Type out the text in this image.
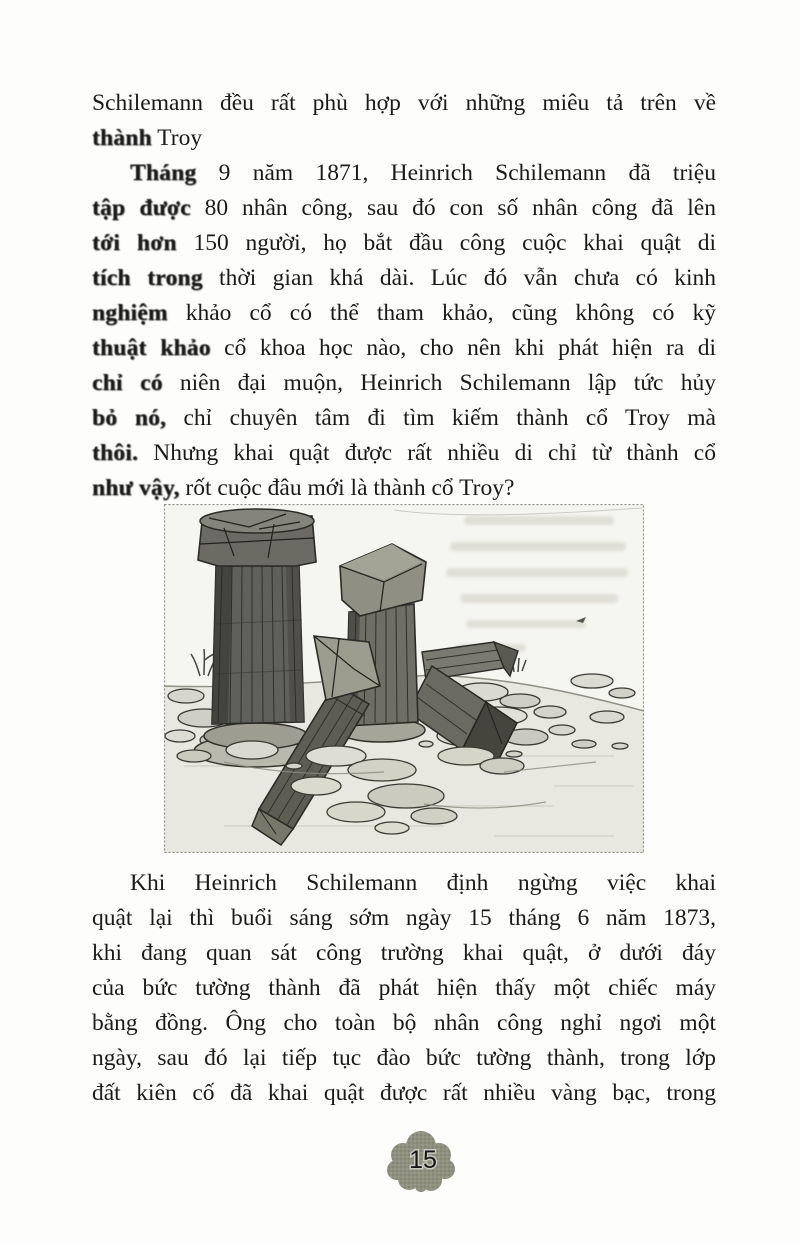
Schilemann đều rất phù hợp với những miêu tả trên về
thành Troy
Tháng 9 năm 1871, Heinrich Schilemann đã triệu
tập được 80 nhân công, sau đó con số nhân công đã lên
tới hơn 150 người, họ bắt đầu công cuộc khai quật di
tích trong thời gian khá dài. Lúc đó vẫn chưa có kinh
nghiệm khảo cổ có thể tham khảo, cũng không có kỹ
thuật khảo cổ khoa học nào, cho nên khi phát hiện ra di
chỉ có niên đại muộn, Heinrich Schilemann lập tức hủy
bỏ nó, chỉ chuyên tâm đi tìm kiếm thành cổ Troy mà
thôi. Nhưng khai quật được rất nhiều di chỉ từ thành cổ
như vậy, rốt cuộc đâu mới là thành cổ Troy?
Khi Heinrich Schilemann định ngừng việc khai
quật lại thì buổi sáng sớm ngày 15 tháng 6 năm 1873,
khi đang quan sát công trường khai quật, ở dưới đáy
của bức tường thành đã phát hiện thấy một chiếc máy
bằng đồng. Ông cho toàn bộ nhân công nghỉ ngơi một
ngày, sau đó lại tiếp tục đào bức tường thành, trong lớp
đất kiên cố đã khai quật được rất nhiều vàng bạc, trong
15
